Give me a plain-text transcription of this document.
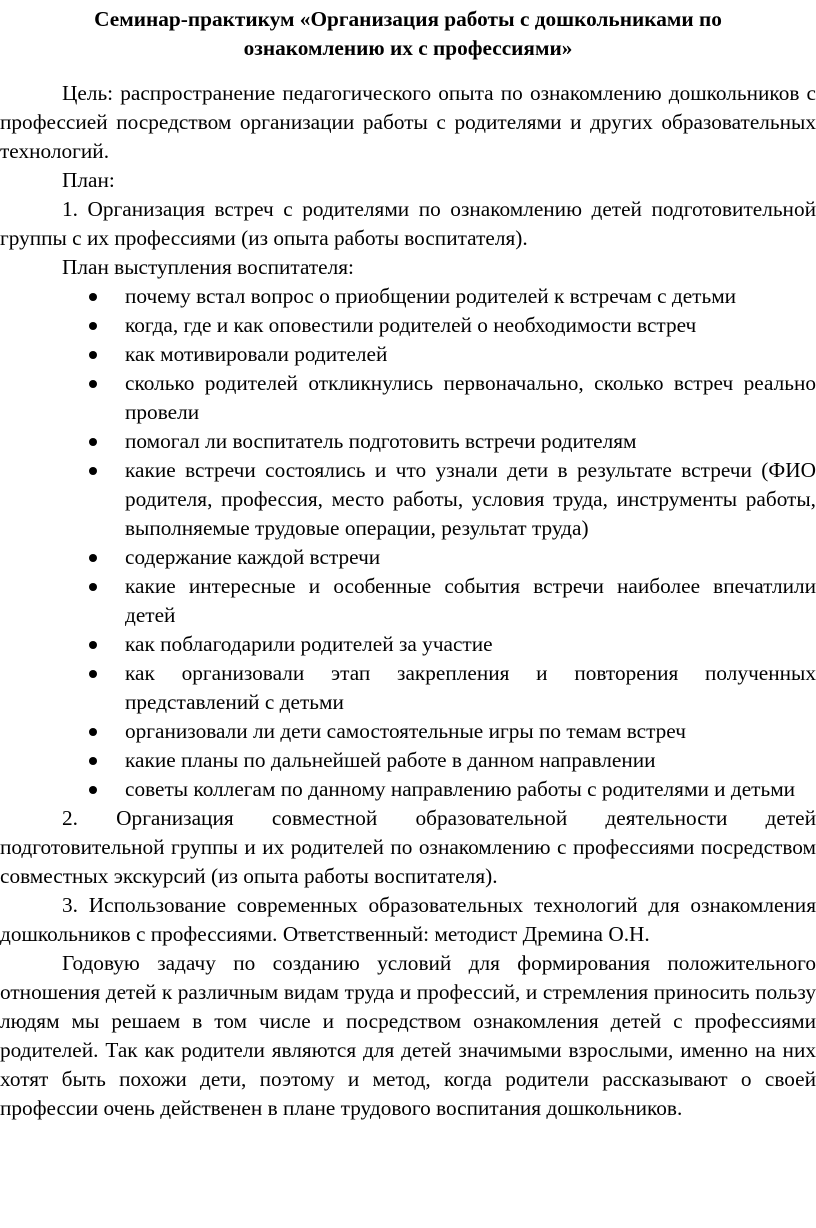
Семинар-практикум «Организация работы с дошкольниками по
ознакомлению их с профессиями»

Цель: распространение педагогического опыта по ознакомлению дошкольников с профессией посредством организации работы с родителями и других образовательных технологий.

План:

1. Организация встреч с родителями по ознакомлению детей подготовительной группы с их профессиями (из опыта работы воспитателя).

План выступления воспитателя:

почему встал вопрос о приобщении родителей к встречам с детьми
когда, где и как оповестили родителей о необходимости встреч
как мотивировали родителей
сколько родителей откликнулись первоначально, сколько встреч реально провели
помогал ли воспитатель подготовить встречи родителям
какие встречи состоялись и что узнали дети в результате встречи (ФИО родителя, профессия, место работы, условия труда, инструменты работы, выполняемые трудовые операции, результат труда)
содержание каждой встречи
какие интересные и особенные события встречи наиболее впечатлили детей
как поблагодарили родителей за участие
как организовали этап закрепления и повторения полученных представлений с детьми
организовали ли дети самостоятельные игры по темам встреч
какие планы по дальнейшей работе в данном направлении
советы коллегам по данному направлению работы с родителями и детьми

2. Организация совместной образовательной деятельности детей подготовительной группы и их родителей по ознакомлению с профессиями посредством совместных экскурсий (из опыта работы воспитателя).

3. Использование современных образовательных технологий для ознакомления дошкольников с профессиями. Ответственный: методист Дремина О.Н.

Годовую задачу по созданию условий для формирования положительного отношения детей к различным видам труда и профессий, и стремления приносить пользу людям мы решаем в том числе и посредством ознакомления детей с профессиями родителей. Так как родители являются для детей значимыми взрослыми, именно на них хотят быть похожи дети, поэтому и метод, когда родители рассказывают о своей профессии очень действенен в плане трудового воспитания дошкольников.
